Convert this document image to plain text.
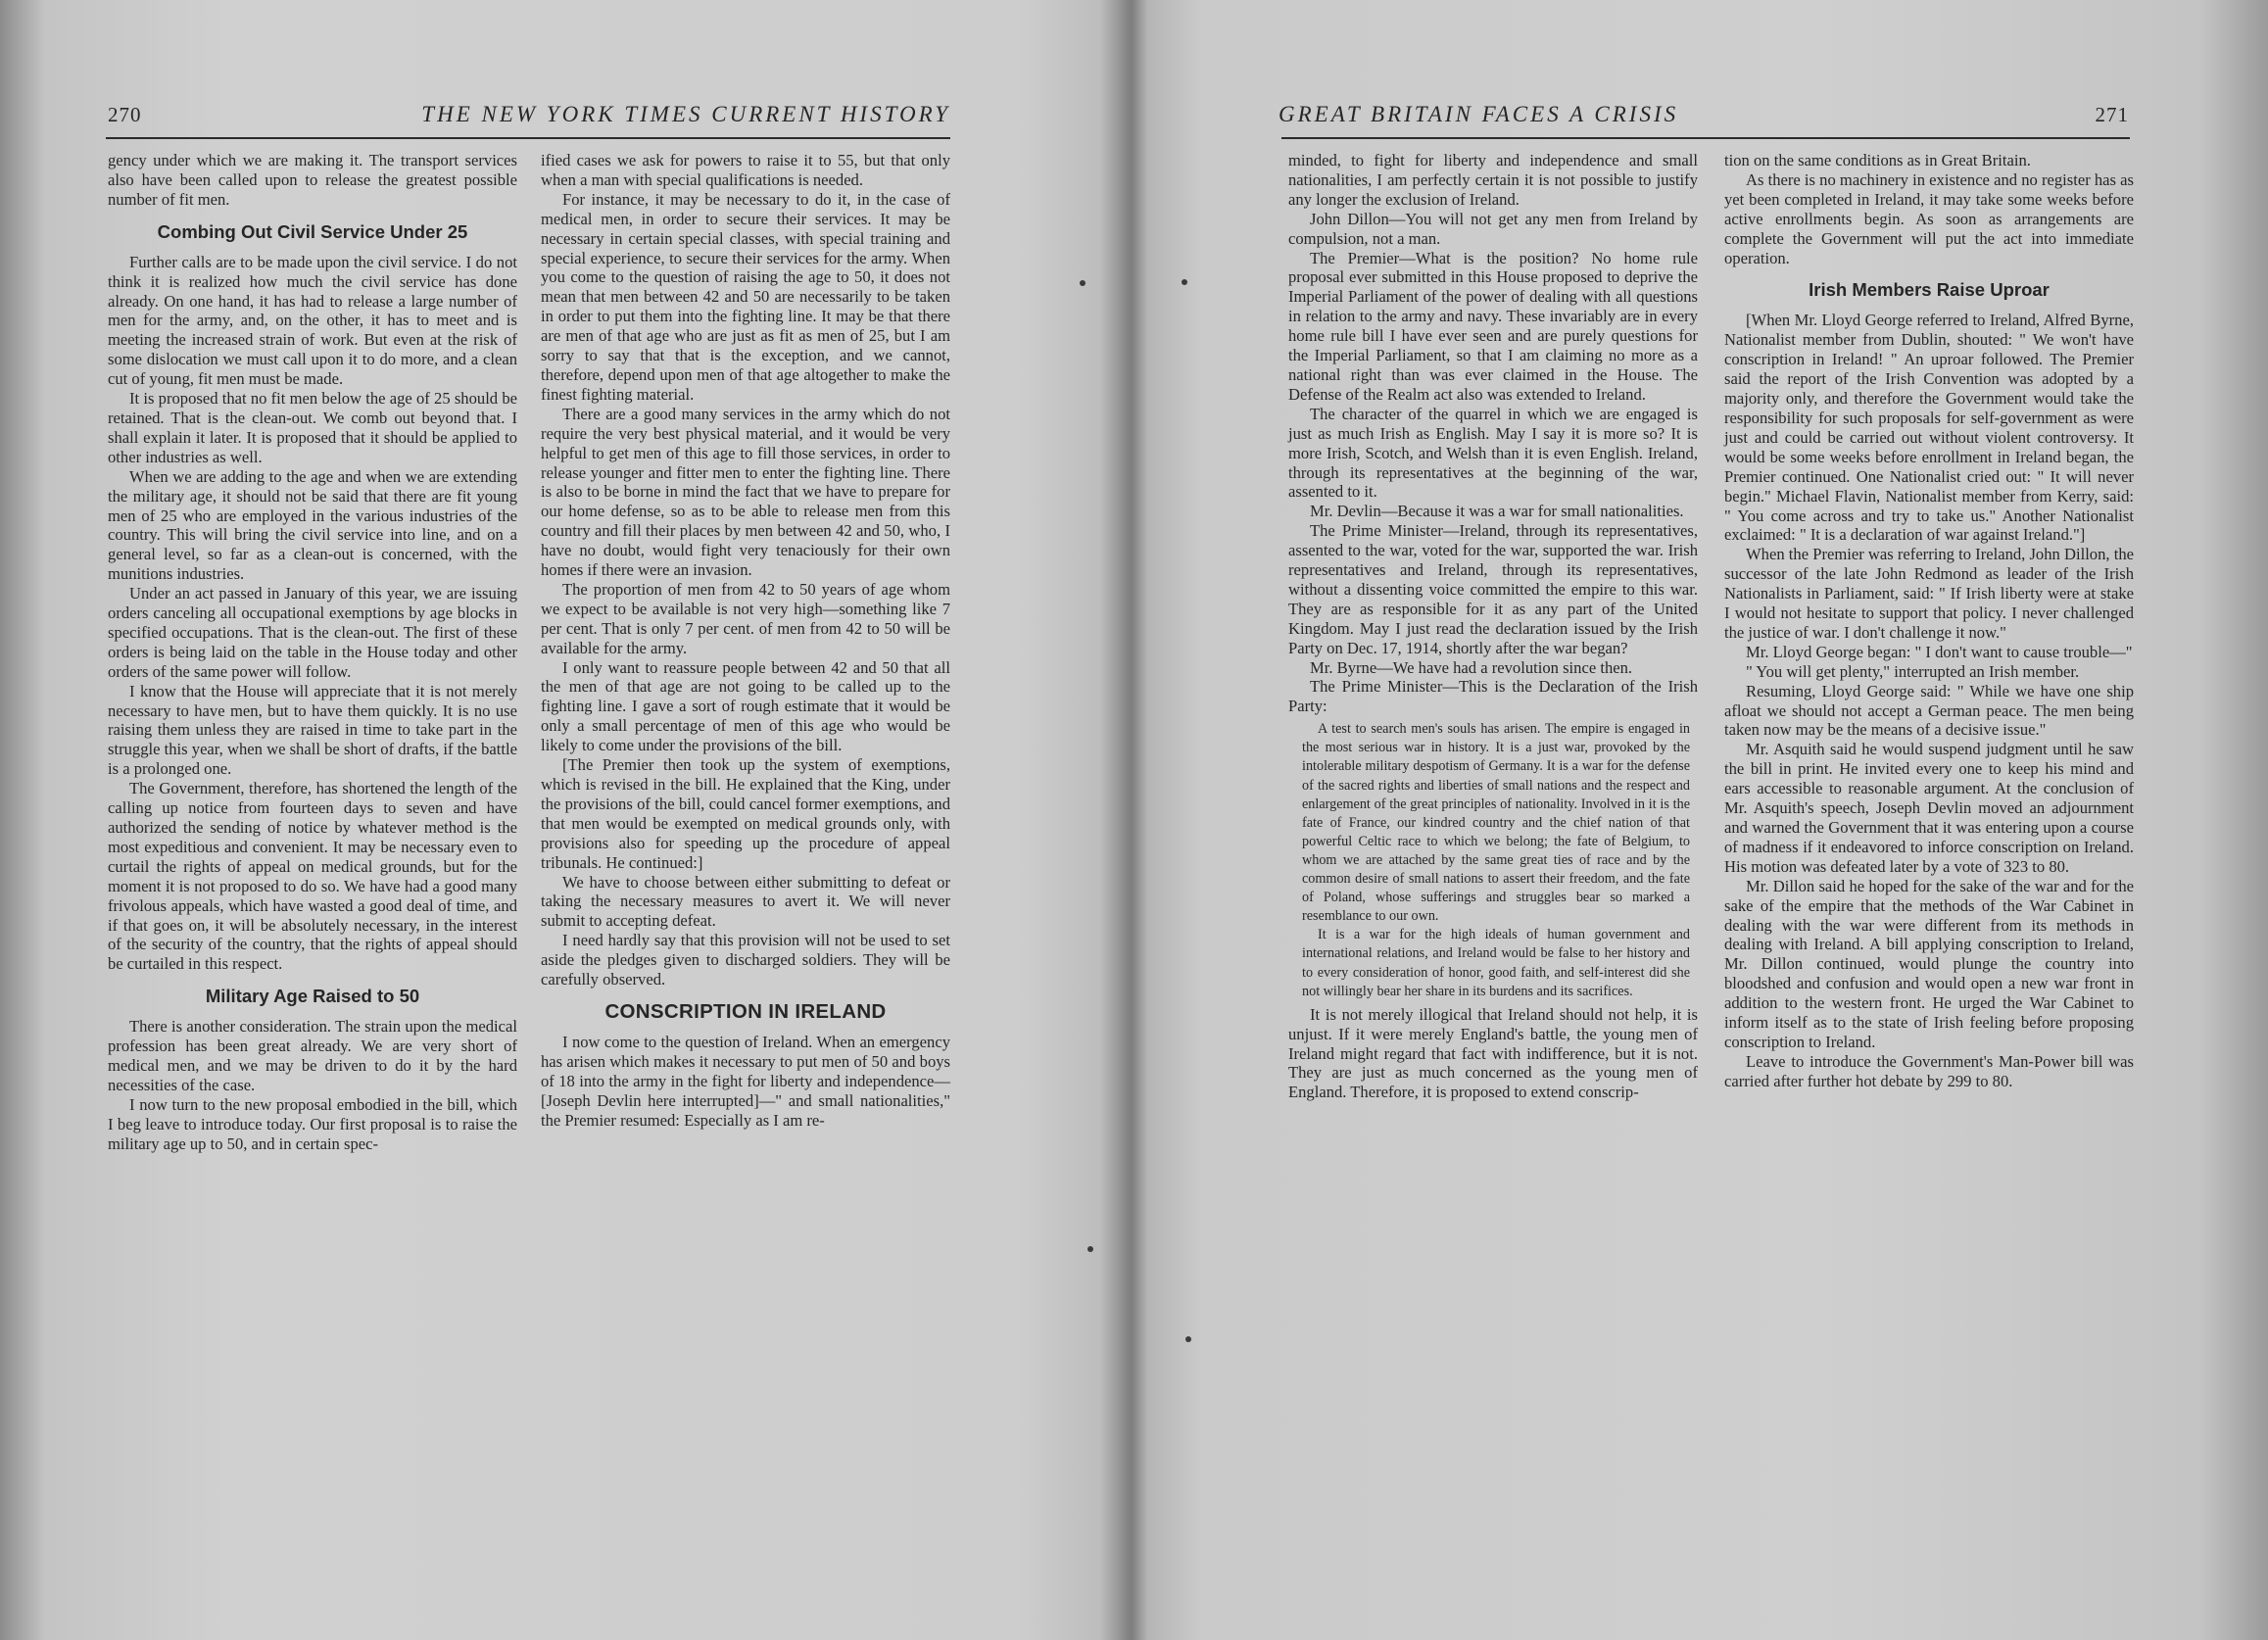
270	THE NEW YORK TIMES CURRENT HISTORY

gency under which we are making it. The transport services also have been called upon to release the greatest possible number of fit men.

Combing Out Civil Service Under 25

Further calls are to be made upon the civil service. I do not think it is realized how much the civil service has done already. On one hand, it has had to release a large number of men for the army, and, on the other, it has to meet and is meeting the increased strain of work. But even at the risk of some dislocation we must call upon it to do more, and a clean cut of young, fit men must be made.

It is proposed that no fit men below the age of 25 should be retained. That is the clean-out. We comb out beyond that. I shall explain it later. It is proposed that it should be applied to other industries as well.

When we are adding to the age and when we are extending the military age, it should not be said that there are fit young men of 25 who are employed in the various industries of the country. This will bring the civil service into line, and on a general level, so far as a clean-out is concerned, with the munitions industries.

Under an act passed in January of this year, we are issuing orders canceling all occupational exemptions by age blocks in specified occupations. That is the clean-out. The first of these orders is being laid on the table in the House today and other orders of the same power will follow.

I know that the House will appreciate that it is not merely necessary to have men, but to have them quickly. It is no use raising them unless they are raised in time to take part in the struggle this year, when we shall be short of drafts, if the battle is a prolonged one.

The Government, therefore, has shortened the length of the calling up notice from fourteen days to seven and have authorized the sending of notice by whatever method is the most expeditious and convenient. It may be necessary even to curtail the rights of appeal on medical grounds, but for the moment it is not proposed to do so. We have had a good many frivolous appeals, which have wasted a good deal of time, and if that goes on, it will be absolutely necessary, in the interest of the security of the country, that the rights of appeal should be curtailed in this respect.

Military Age Raised to 50

There is another consideration. The strain upon the medical profession has been great already. We are very short of medical men, and we may be driven to do it by the hard necessities of the case.

I now turn to the new proposal embodied in the bill, which I beg leave to introduce today. Our first proposal is to raise the military age up to 50, and in certain spec-

ified cases we ask for powers to raise it to 55, but that only when a man with special qualifications is needed.

For instance, it may be necessary to do it, in the case of medical men, in order to secure their services. It may be necessary in certain special classes, with special training and special experience, to secure their services for the army. When you come to the question of raising the age to 50, it does not mean that men between 42 and 50 are necessarily to be taken in order to put them into the fighting line. It may be that there are men of that age who are just as fit as men of 25, but I am sorry to say that that is the exception, and we cannot, therefore, depend upon men of that age altogether to make the finest fighting material.

There are a good many services in the army which do not require the very best physical material, and it would be very helpful to get men of this age to fill those services, in order to release younger and fitter men to enter the fighting line. There is also to be borne in mind the fact that we have to prepare for our home defense, so as to be able to release men from this country and fill their places by men between 42 and 50, who, I have no doubt, would fight very tenaciously for their own homes if there were an invasion.

The proportion of men from 42 to 50 years of age whom we expect to be available is not very high—something like 7 per cent. That is only 7 per cent. of men from 42 to 50 will be available for the army.

I only want to reassure people between 42 and 50 that all the men of that age are not going to be called up to the fighting line. I gave a sort of rough estimate that it would be only a small percentage of men of this age who would be likely to come under the provisions of the bill.

[The Premier then took up the system of exemptions, which is revised in the bill. He explained that the King, under the provisions of the bill, could cancel former exemptions, and that men would be exempted on medical grounds only, with provisions also for speeding up the procedure of appeal tribunals. He continued:]

We have to choose between either submitting to defeat or taking the necessary measures to avert it. We will never submit to accepting defeat.

I need hardly say that this provision will not be used to set aside the pledges given to discharged soldiers. They will be carefully observed.

CONSCRIPTION IN IRELAND

I now come to the question of Ireland. When an emergency has arisen which makes it necessary to put men of 50 and boys of 18 into the army in the fight for liberty and independence—[Joseph Devlin here interrupted]—" and small nationalities," the Premier resumed: Especially as I am re-

GREAT BRITAIN FACES A CRISIS	271

minded, to fight for liberty and independence and small nationalities, I am perfectly certain it is not possible to justify any longer the exclusion of Ireland.

John Dillon—You will not get any men from Ireland by compulsion, not a man.

The Premier—What is the position? No home rule proposal ever submitted in this House proposed to deprive the Imperial Parliament of the power of dealing with all questions in relation to the army and navy. These invariably are in every home rule bill I have ever seen and are purely questions for the Imperial Parliament, so that I am claiming no more as a national right than was ever claimed in the House. The Defense of the Realm act also was extended to Ireland.

The character of the quarrel in which we are engaged is just as much Irish as English. May I say it is more so? It is more Irish, Scotch, and Welsh than it is even English. Ireland, through its representatives at the beginning of the war, assented to it.

Mr. Devlin—Because it was a war for small nationalities.

The Prime Minister—Ireland, through its representatives, assented to the war, voted for the war, supported the war. Irish representatives and Ireland, through its representatives, without a dissenting voice committed the empire to this war. They are as responsible for it as any part of the United Kingdom. May I just read the declaration issued by the Irish Party on Dec. 17, 1914, shortly after the war began?

Mr. Byrne—We have had a revolution since then.

The Prime Minister—This is the Declaration of the Irish Party:

A test to search men's souls has arisen. The empire is engaged in the most serious war in history. It is a just war, provoked by the intolerable military despotism of Germany. It is a war for the defense of the sacred rights and liberties of small nations and the respect and enlargement of the great principles of nationality. Involved in it is the fate of France, our kindred country and the chief nation of that powerful Celtic race to which we belong; the fate of Belgium, to whom we are attached by the same great ties of race and by the common desire of small nations to assert their freedom, and the fate of Poland, whose sufferings and struggles bear so marked a resemblance to our own.

It is a war for the high ideals of human government and international relations, and Ireland would be false to her history and to every consideration of honor, good faith, and self-interest did she not willingly bear her share in its burdens and its sacrifices.

It is not merely illogical that Ireland should not help, it is unjust. If it were merely England's battle, the young men of Ireland might regard that fact with indifference, but it is not. They are just as much concerned as the young men of England. Therefore, it is proposed to extend conscrip-

tion on the same conditions as in Great Britain.

As there is no machinery in existence and no register has as yet been completed in Ireland, it may take some weeks before active enrollments begin. As soon as arrangements are complete the Government will put the act into immediate operation.

Irish Members Raise Uproar

[When Mr. Lloyd George referred to Ireland, Alfred Byrne, Nationalist member from Dublin, shouted: " We won't have conscription in Ireland! " An uproar followed. The Premier said the report of the Irish Convention was adopted by a majority only, and therefore the Government would take the responsibility for such proposals for self-government as were just and could be carried out without violent controversy. It would be some weeks before enrollment in Ireland began, the Premier continued. One Nationalist cried out: " It will never begin." Michael Flavin, Nationalist member from Kerry, said: " You come across and try to take us." Another Nationalist exclaimed: " It is a declaration of war against Ireland."]

When the Premier was referring to Ireland, John Dillon, the successor of the late John Redmond as leader of the Irish Nationalists in Parliament, said: " If Irish liberty were at stake I would not hesitate to support that policy. I never challenged the justice of war. I don't challenge it now."

Mr. Lloyd George began: " I don't want to cause trouble—"

" You will get plenty," interrupted an Irish member.

Resuming, Lloyd George said: " While we have one ship afloat we should not accept a German peace. The men being taken now may be the means of a decisive issue."

Mr. Asquith said he would suspend judgment until he saw the bill in print. He invited every one to keep his mind and ears accessible to reasonable argument. At the conclusion of Mr. Asquith's speech, Joseph Devlin moved an adjournment and warned the Government that it was entering upon a course of madness if it endeavored to inforce conscription on Ireland. His motion was defeated later by a vote of 323 to 80.

Mr. Dillon said he hoped for the sake of the war and for the sake of the empire that the methods of the War Cabinet in dealing with the war were different from its methods in dealing with Ireland. A bill applying conscription to Ireland, Mr. Dillon continued, would plunge the country into bloodshed and confusion and would open a new war front in addition to the western front. He urged the War Cabinet to inform itself as to the state of Irish feeling before proposing conscription to Ireland.

Leave to introduce the Government's Man-Power bill was carried after further hot debate by 299 to 80.
